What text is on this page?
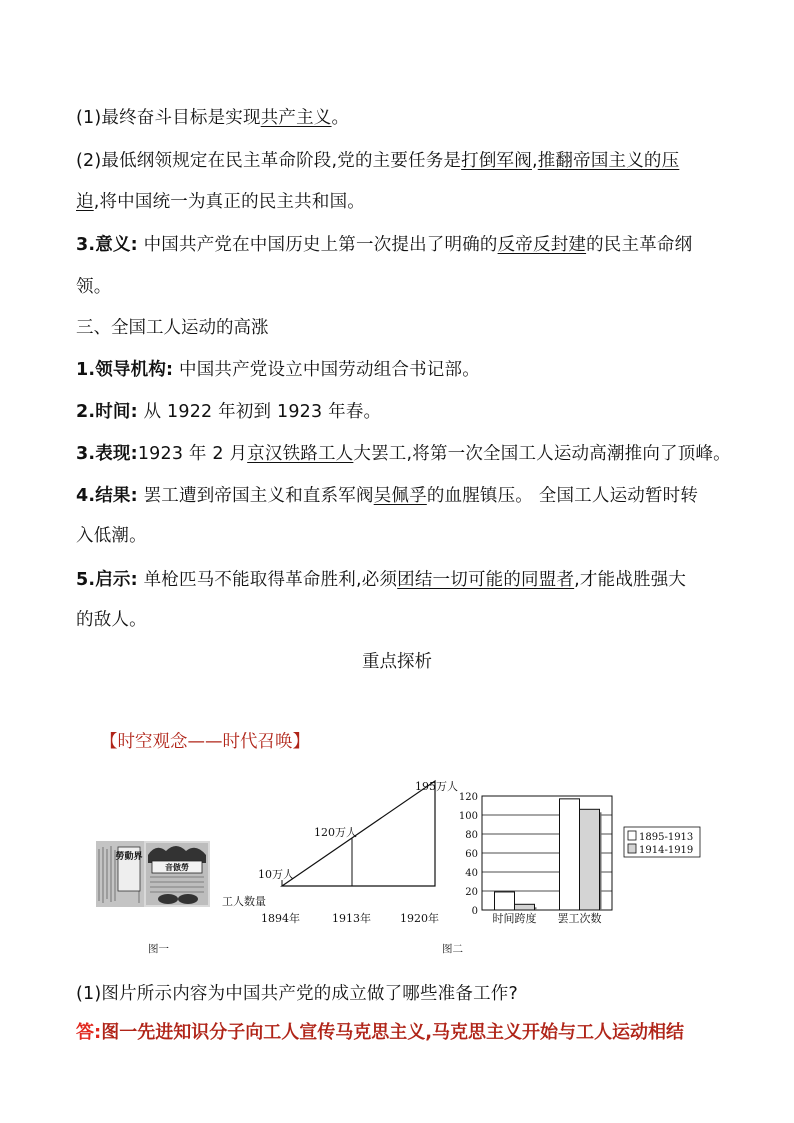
(1)最终奋斗目标是实现共产主义。
(2)最低纲领规定在民主革命阶段,党的主要任务是打倒军阀,推翻帝国主义的压
迫,将中国统一为真正的民主共和国。
3.意义: 中国共产党在中国历史上第一次提出了明确的反帝反封建的民主革命纲
领。
三、全国工人运动的高涨
1.领导机构: 中国共产党设立中国劳动组合书记部。
2.时间: 从 1922 年初到 1923 年春。
3.表现:1923 年 2 月京汉铁路工人大罢工,将第一次全国工人运动高潮推向了顶峰。
4.结果: 罢工遭到帝国主义和直系军阀吴佩孚的血腥镇压。 全国工人运动暂时转
入低潮。
5.启示: 单枪匹马不能取得革命胜利,必须团结一切可能的同盟者,才能战胜强大
的敌人。
重点探析
【时空观念——时代召唤】
勞動界
音倣勞
图一
工人数量
10万人
120万人
195万人
1894年	1913年	1920年
0
20
40
60
80
100
120
时间跨度 罢工次数
1895-1913
1914-1919
图二
(1)图片所示内容为中国共产党的成立做了哪些准备工作?
答:图一先进知识分子向工人宣传马克思主义,马克思主义开始与工人运动相结
